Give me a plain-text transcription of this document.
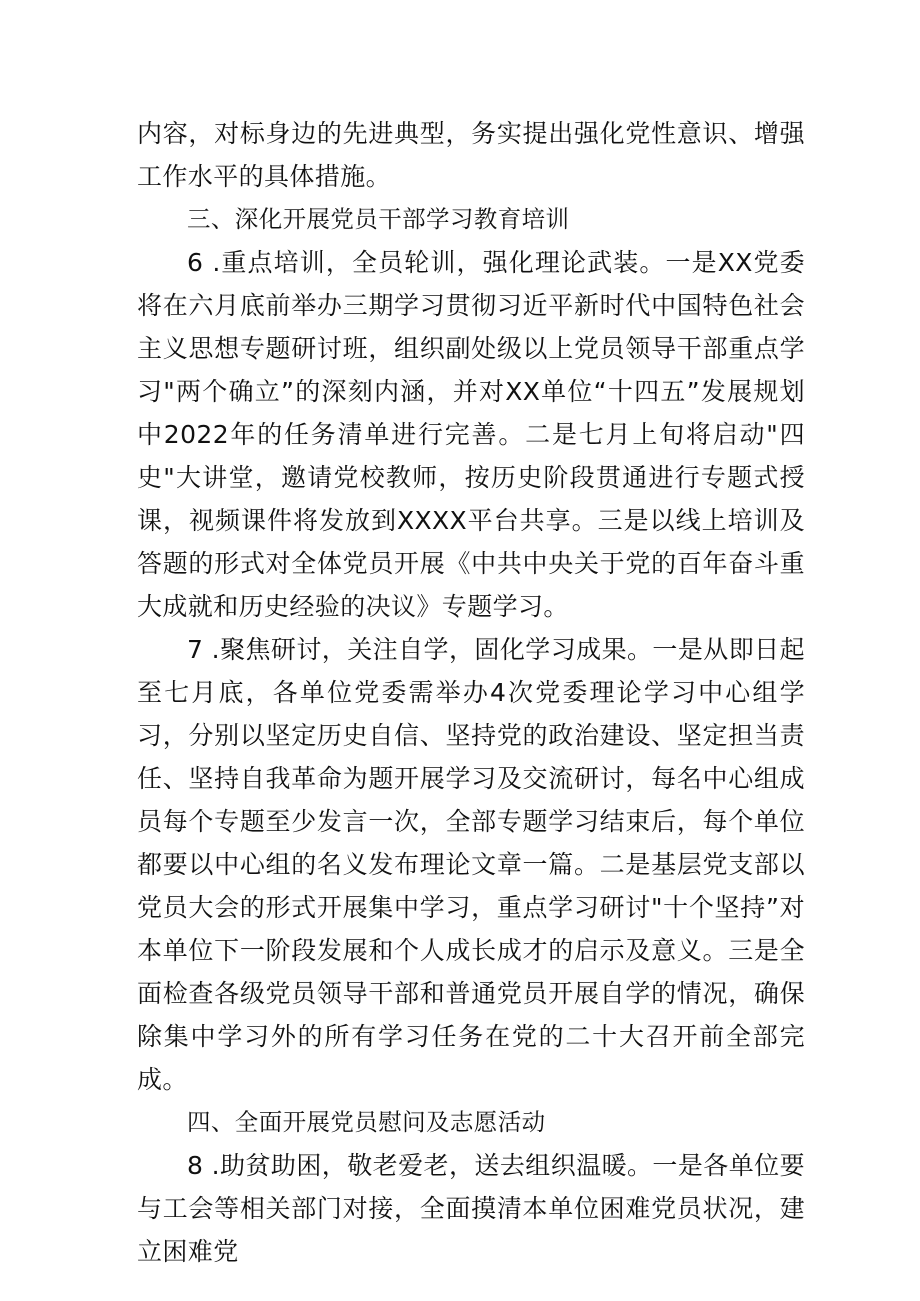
内容，对标身边的先进典型，务实提出强化党性意识、增强工作水平的具体措施。

三、深化开展党员干部学习教育培训

6 .重点培训，全员轮训，强化理论武装。一是XX党委将在六月底前举办三期学习贯彻习近平新时代中国特色社会主义思想专题研讨班，组织副处级以上党员领导干部重点学习"两个确立”的深刻内涵，并对XX单位“十四五”发展规划中2022年的任务清单进行完善。二是七月上旬将启动"四史"大讲堂，邀请党校教师，按历史阶段贯通进行专题式授课，视频课件将发放到XXXX平台共享。三是以线上培训及答题的形式对全体党员开展《中共中央关于党的百年奋斗重大成就和历史经验的决议》专题学习。

7 .聚焦研讨，关注自学，固化学习成果。一是从即日起至七月底，各单位党委需举办4次党委理论学习中心组学习，分别以坚定历史自信、坚持党的政治建设、坚定担当责任、坚持自我革命为题开展学习及交流研讨，每名中心组成员每个专题至少发言一次，全部专题学习结束后，每个单位都要以中心组的名义发布理论文章一篇。二是基层党支部以党员大会的形式开展集中学习，重点学习研讨"十个坚持”对本单位下一阶段发展和个人成长成才的启示及意义。三是全面检查各级党员领导干部和普通党员开展自学的情况，确保除集中学习外的所有学习任务在党的二十大召开前全部完成。

四、全面开展党员慰问及志愿活动

8 .助贫助困，敬老爱老，送去组织温暖。一是各单位要与工会等相关部门对接，全面摸清本单位困难党员状况，建立困难党
